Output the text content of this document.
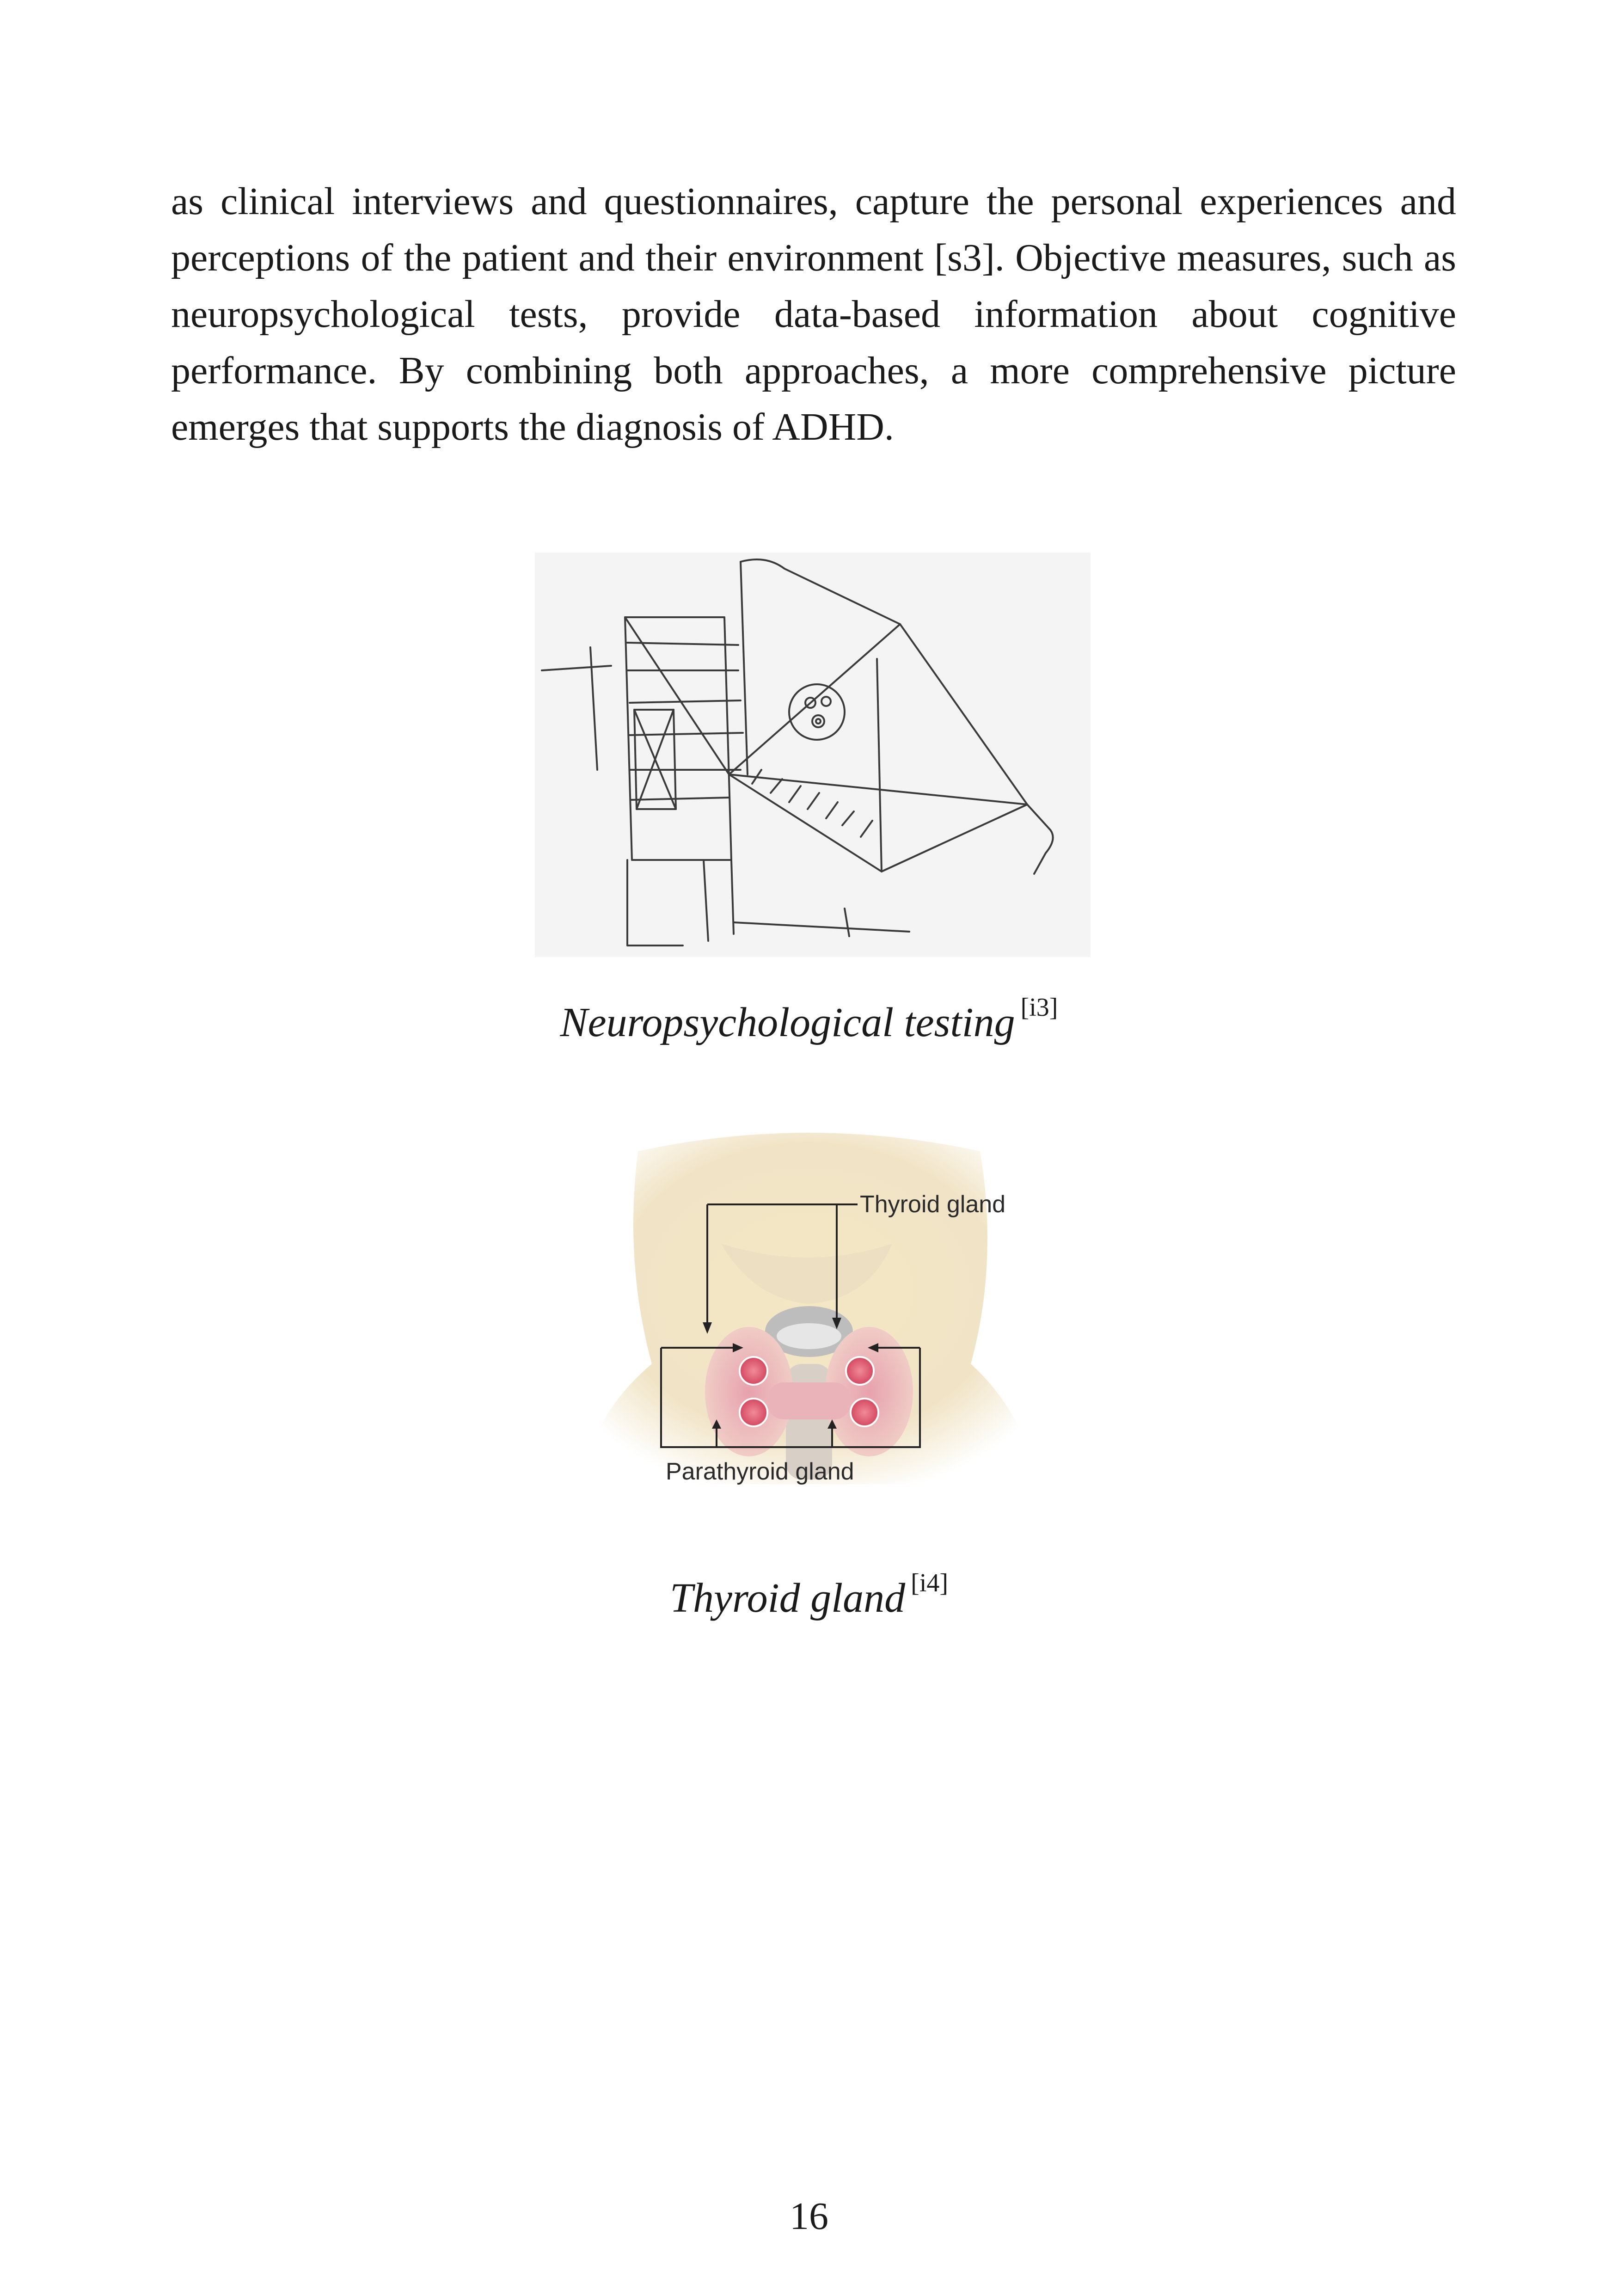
as clinical interviews and questionnaires, capture the personal experiences and perceptions of the patient and their environment [s3]. Objective measures, such as neuropsychological tests, provide data-based information about cognitive performance. By combining both approaches, a more comprehensive picture emerges that supports the diagnosis of ADHD.

Neuropsychological testing [i3]

Thyroid gland
Parathyroid gland

Thyroid gland [i4]

16
